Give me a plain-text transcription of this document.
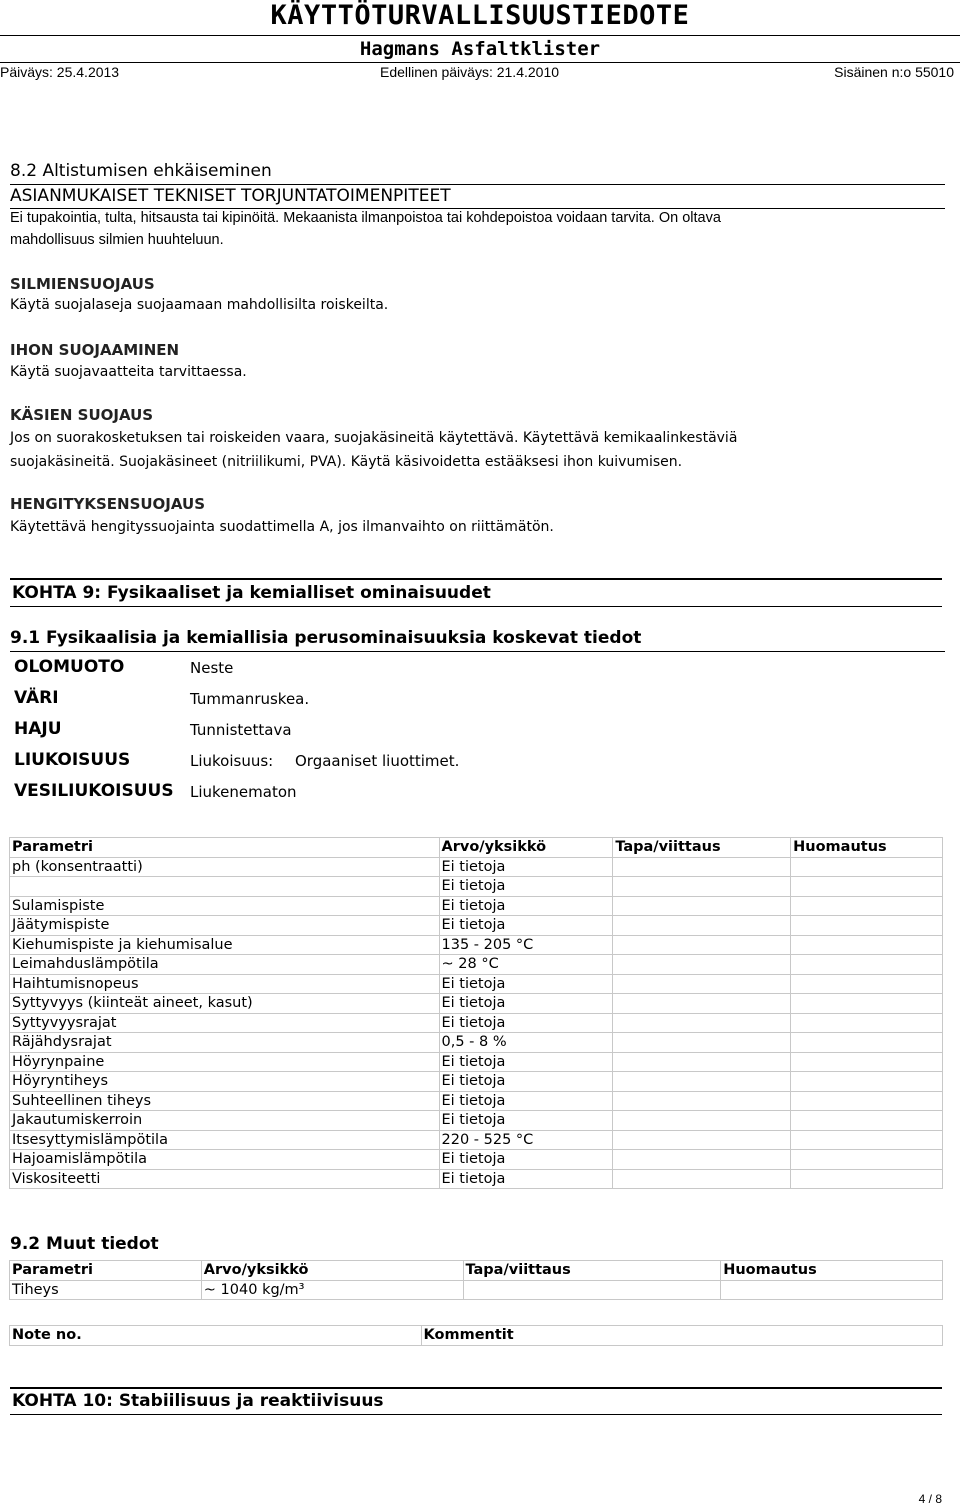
KÄYTTÖTURVALLISUUSTIEDOTE
Hagmans Asfaltklister
Päiväys: 25.4.2013	Edellinen päiväys: 21.4.2010	Sisäinen n:o 55010
8.2 Altistumisen ehkäiseminen
ASIANMUKAISET TEKNISET TORJUNTATOIMENPITEET
Ei tupakointia, tulta, hitsausta tai kipinöitä. Mekaanista ilmanpoistoa tai kohdepoistoa voidaan tarvita. On oltava
mahdollisuus silmien huuhteluun.
SILMIENSUOJAUS
Käytä suojalaseja suojaamaan mahdollisilta roiskeilta.
IHON SUOJAAMINEN
Käytä suojavaatteita tarvittaessa.
KÄSIEN SUOJAUS
Jos on suorakosketuksen tai roiskeiden vaara, suojakäsineitä käytettävä. Käytettävä kemikaalinkestäviä
suojakäsineitä. Suojakäsineet (nitriilikumi, PVA). Käytä käsivoidetta estääksesi ihon kuivumisen.
HENGITYKSENSUOJAUS
Käytettävä hengityssuojainta suodattimella A, jos ilmanvaihto on riittämätön.
KOHTA 9: Fysikaaliset ja kemialliset ominaisuudet
9.1 Fysikaalisia ja kemiallisia perusominaisuuksia koskevat tiedot
OLOMUOTO	Neste
VÄRI	Tummanruskea.
HAJU	Tunnistettava
LIUKOISUUS	Liukoisuus: Orgaaniset liuottimet.
VESILIUKOISUUS Liukenematon
Parametri	Arvo/yksikkö	Tapa/viittaus	Huomautus
ph (konsentraatti)	Ei tietoja		
	Ei tietoja		
Sulamispiste	Ei tietoja		
Jäätymispiste	Ei tietoja		
Kiehumispiste ja kiehumisalue	135 - 205 °C		
Leimahduslämpötila	~ 28 °C		
Haihtumisnopeus	Ei tietoja		
Syttyvyys (kiinteät aineet, kasut)	Ei tietoja		
Syttyvyysrajat	Ei tietoja		
Räjähdysrajat	0,5 - 8 %		
Höyrynpaine	Ei tietoja		
Höyryntiheys	Ei tietoja		
Suhteellinen tiheys	Ei tietoja		
Jakautumiskerroin	Ei tietoja		
Itsesyttymislämpötila	220 - 525 °C		
Hajoamislämpötila	Ei tietoja		
Viskositeetti	Ei tietoja		
9.2 Muut tiedot
Parametri	Arvo/yksikkö	Tapa/viittaus	Huomautus
Tiheys	~ 1040 kg/m³		
Note no.	Kommentit
KOHTA 10: Stabiilisuus ja reaktiivisuus
4 / 8
